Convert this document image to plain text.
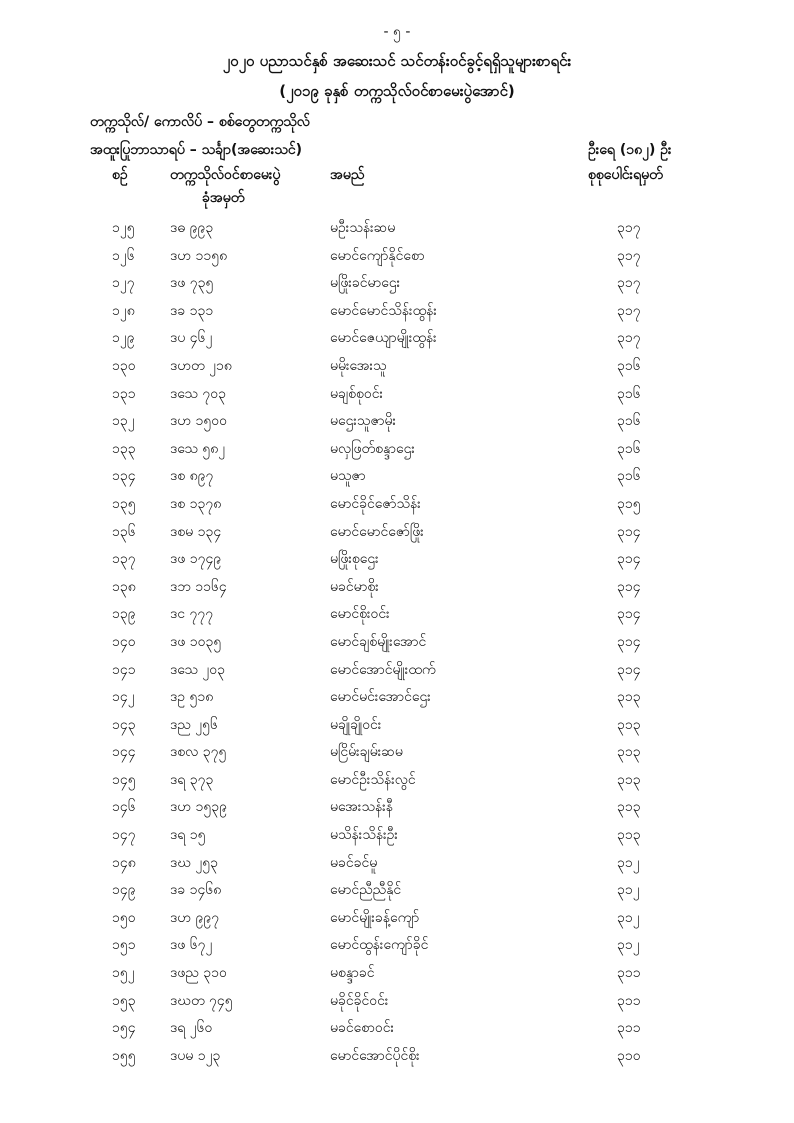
- ၅ -
၂၀၂၀ ပညာသင်နှစ် အဆေးသင် သင်တန်းဝင်ခွင့်ရရှိသူများစာရင်း
(၂၀၁၉ ခုနှစ် တက္ကသိုလ်ဝင်စာမေးပွဲအောင်)
တက္ကသိုလ်/ ကောလိပ် – စစ်တွေတက္ကသိုလ်
အထူးပြုဘာသာရပ် – သင်္ချာ(အဆေးသင်)	ဦးရေ (၁၈၂) ဦး
စဉ်	တက္ကသိုလ်ဝင်စာမေးပွဲ
ခုံအမှတ်
အမည်	စုစုပေါင်းရမှတ်
၁၂၅	ဒဓ ၉၉၃	မဦးသန်းဆမ	၃၁၇
၁၂၆	ဒဟ ၁၁၅၈	မောင်ကျော်နိုင်စော	၃၁၇
၁၂၇	ဒဖ ၇၃၅	မဖြိုးခင်မာဌေး	၃၁၇
၁၂၈	ဒခ ၁၃၁	မောင်မောင်သိန်းထွန်း	၃၁၇
၁၂၉	ဒပ ၄၆၂	မောင်ဇေယျာမျိုးထွန်း	၃၁၇
၁၃၀ ဒဟတ ၂၁၈	မမိုးအေးသူ	၃၁၆
၁၃၁ ဒသေ ၇၀၃	မချစ်စုဝင်း	၃၁၆
၁၃၂	ဒဟ ၁၅၀၀	မဌေးသူဇာမိုး	၃၁၆
၁၃၃ ဒသေ ၅၈၂	မလှဖြတ်စန္ဒာဌေး	၃၁၆
၁၃၄ ဒစ ၈၉၇	မသူဇာ	၃၁၆
၁၃၅ ဒစ ၁၃၇၈	မောင်ခိုင်ဇော်သိန်း	၃၁၅
၁၃၆ ဒစမ ၁၃၄	မောင်မောင်ဇော်ဖြိုး	၃၁၄
၁၃၇ ဒဖ ၁၇၄၉	မဖြိုးစုဌေး	၃၁၄
၁၃၈ ဒဘ ၁၁၆၄	မခင်မာစိုး	၃၁၄
၁၃၉ ဒင ၇၇၇	မောင်စိုးဝင်း	၃၁၄
၁၄၀ ဒဖ ၁၀၃၅	မောင်ချစ်မျိုးအောင်	၃၁၄
၁၄၁ ဒသေ ၂၀၃	မောင်အောင်မျိုးထက်	၃၁၄
၁၄၂	ဒဥ ၅၁၈	မောင်မင်းအောင်ဌေး	၃၁၃
၁၄၃ ဒည ၂၅၆	မချိုချိုဝင်း	၃၁၃
၁၄၄ ဒစလ ၃၇၅	မငြိမ်းချမ်းဆမ	၃၁၃
၁၄၅ ဒရ ၃၇၃	မောင်ဦးသိန်းလွင်	၃၁၃
၁၄၆ ဒဟ ၁၅၃၉	မအေးသန်းနီ	၃၁၃
၁၄၇ ဒရ ၁၅	မသိန်းသိန်းဦး	၃၁၃
၁၄၈ ဒဃ ၂၅၃	မခင်ခင်မူ	၃၁၂
၁၄၉ ဒခ ၁၄၆၈	မောင်ညီညီနိုင်	၃၁၂
၁၅၀ ဒဟ ၉၉၇	မောင်မျိုးခန့်ကျော်	၃၁၂
၁၅၁ ဒဖ ၆၇၂	မောင်ထွန်းကျော်ခိုင်	၃၁၂
၁၅၂	ဒဖည ၃၁၀	မစန္ဒာခင်	၃၁၁
၁၅၃ ဒဃတ ၇၄၅	မခိုင်ခိုင်ဝင်း	၃၁၁
၁၅၄ ဒရ ၂၆၀	မခင်စောဝင်း	၃၁၁
၁၅၅ ဒပမ ၁၂၃	မောင်အောင်ပိုင်စိုး	၃၁၀
